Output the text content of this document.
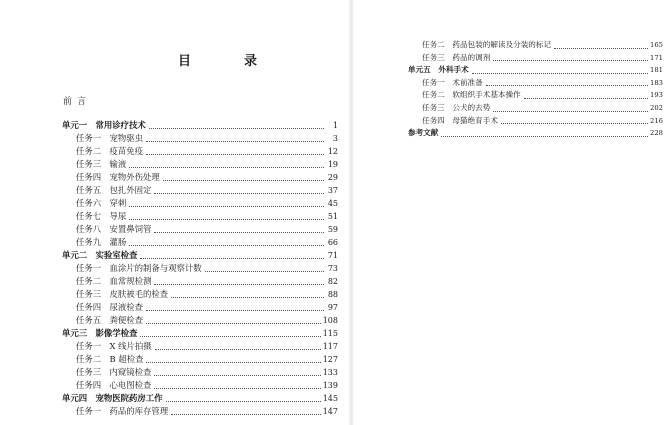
目　录
前言
单元一　常用诊疗技术	1
任务一　宠物驱虫	3
任务二　疫苗免疫	12
任务三　输液	19
任务四　宠物外伤处理	29
任务五　包扎外固定	37
任务六　穿刺	45
任务七　导尿	51
任务八　安置鼻饲管	59
任务九　灌肠	66
单元二　实验室检查	71
任务一　血涂片的制备与观察计数	73
任务二　血常规检测	82
任务三　皮肤被毛的检查	88
任务四　尿液检查	97
任务五　粪便检查	108
单元三　影像学检查	115
任务一　X 线片拍摄	117
任务二　B 超检查	127
任务三　内窥镜检查	133
任务四　心电图检查	139
单元四　宠物医院药房工作	145
任务一　药品的库存管理	147
任务二　药品包装的解读及分装的标记	165
任务三　药品的调剂	171
单元五　外科手术	181
任务一　术前准备	183
任务二　软组织手术基本操作	193
任务三　公犬的去势	202
任务四　母猫绝育手术	216
参考文献	228
